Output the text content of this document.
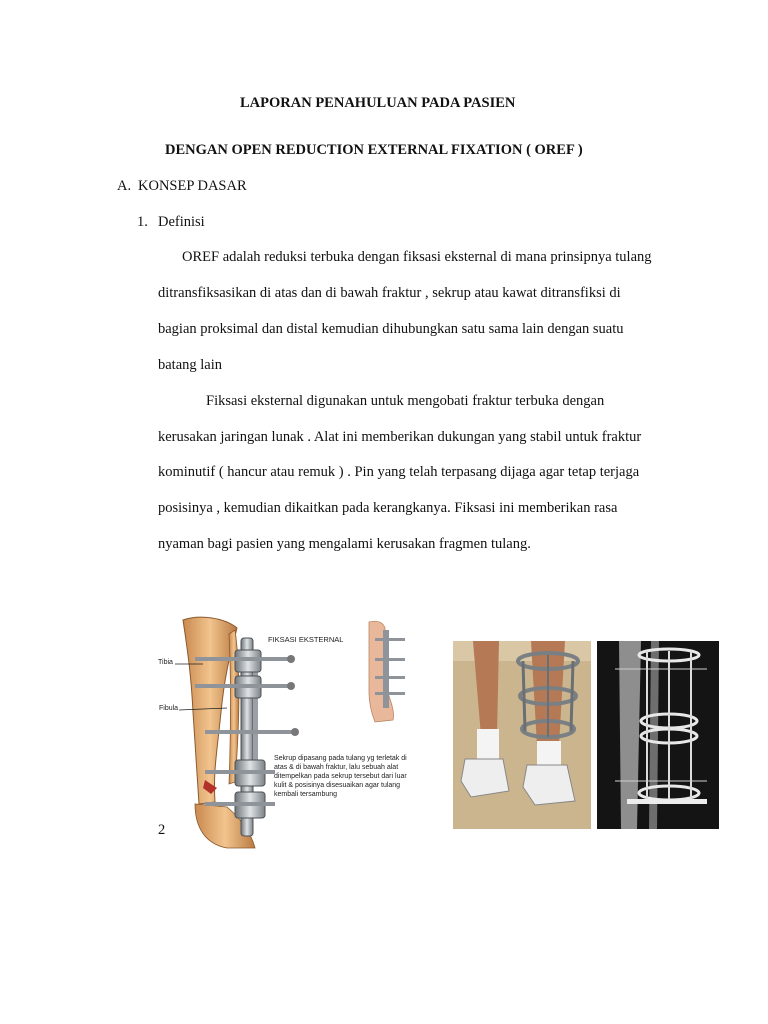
LAPORAN PENAHULUAN PADA PASIEN
DENGAN OPEN REDUCTION EXTERNAL FIXATION ( OREF )
A. KONSEP DASAR
1. Definisi
OREF adalah reduksi terbuka dengan fiksasi eksternal di mana prinsipnya tulang
ditransfiksasikan di atas dan di bawah fraktur , sekrup atau kawat ditransfiksi di
bagian proksimal dan distal kemudian dihubungkan satu sama lain dengan suatu
batang lain
Fiksasi eksternal digunakan untuk mengobati fraktur terbuka dengan
kerusakan jaringan lunak . Alat ini memberikan dukungan yang stabil untuk fraktur
kominutif ( hancur atau remuk ) . Pin yang telah terpasang dijaga agar tetap terjaga
posisinya , kemudian dikaitkan pada kerangkanya. Fiksasi ini memberikan rasa
nyaman bagi pasien yang mengalami kerusakan fragmen tulang.
FIKSASI EKSTERNAL
Tibia
Fibula
Sekrup dipasang pada tulang yg terletak di
atas & di bawah fraktur, lalu sebuah alat
ditempelkan pada sekrup tersebut dari luar
kulit & posisinya disesuaikan agar tulang
kembali tersambung
2
